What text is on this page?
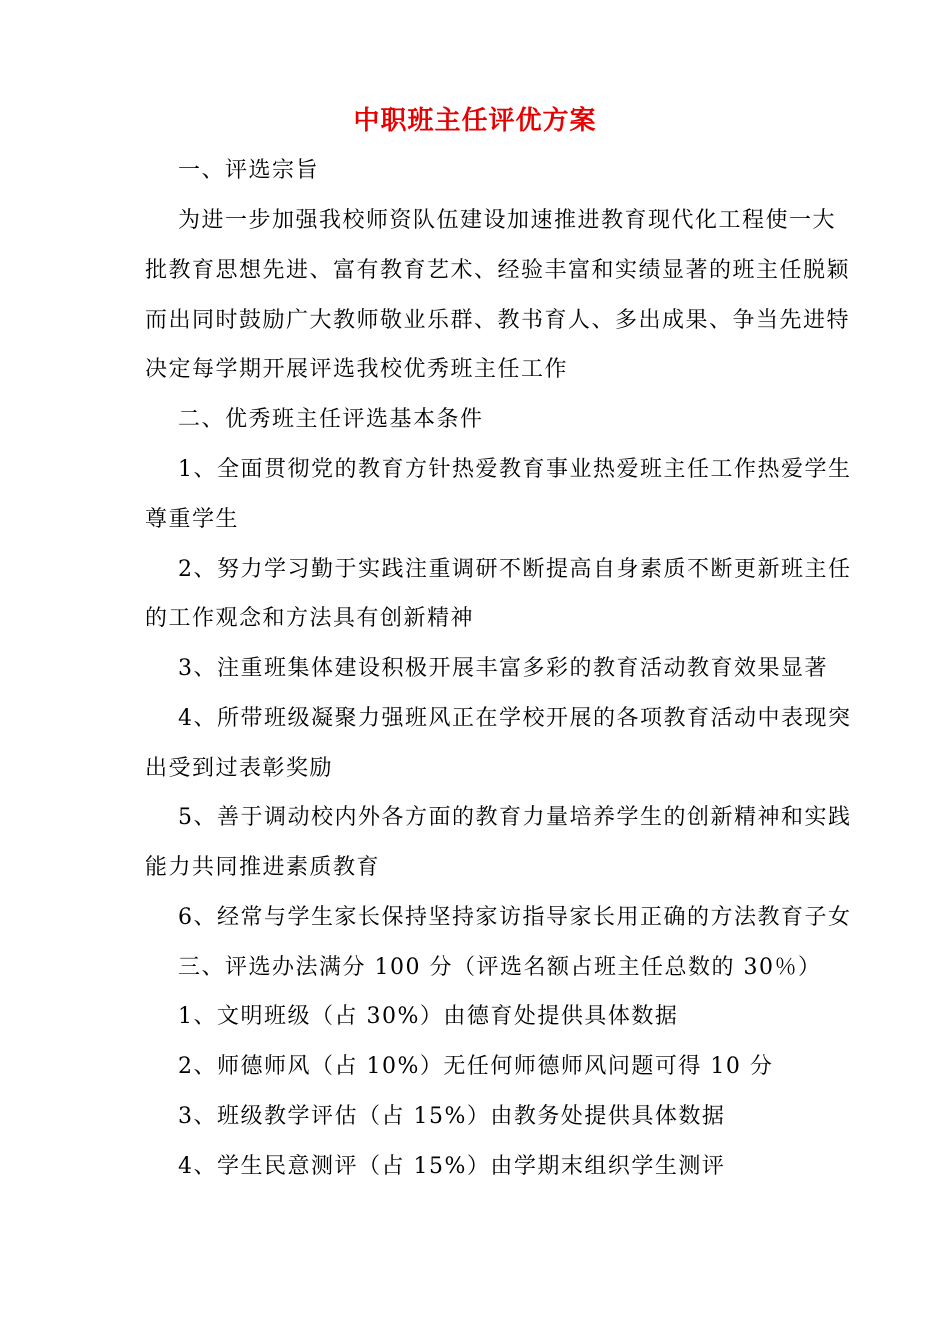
中职班主任评优方案
一、评选宗旨
为进一步加强我校师资队伍建设加速推进教育现代化工程使一大
批教育思想先进、富有教育艺术、经验丰富和实绩显著的班主任脱颖
而出同时鼓励广大教师敬业乐群、教书育人、多出成果、争当先进特
决定每学期开展评选我校优秀班主任工作
二、优秀班主任评选基本条件
1、全面贯彻党的教育方针热爱教育事业热爱班主任工作热爱学生
尊重学生
2、努力学习勤于实践注重调研不断提高自身素质不断更新班主任
的工作观念和方法具有创新精神
3、注重班集体建设积极开展丰富多彩的教育活动教育效果显著
4、所带班级凝聚力强班风正在学校开展的各项教育活动中表现突
出受到过表彰奖励
5、善于调动校内外各方面的教育力量培养学生的创新精神和实践
能力共同推进素质教育
6、经常与学生家长保持坚持家访指导家长用正确的方法教育子女
三、评选办法满分 100 分（评选名额占班主任总数的 30％）
1、文明班级（占 30%）由德育处提供具体数据
2、师德师风（占 10%）无任何师德师风问题可得 10 分
3、班级教学评估（占 15%）由教务处提供具体数据
4、学生民意测评（占 15%）由学期末组织学生测评
